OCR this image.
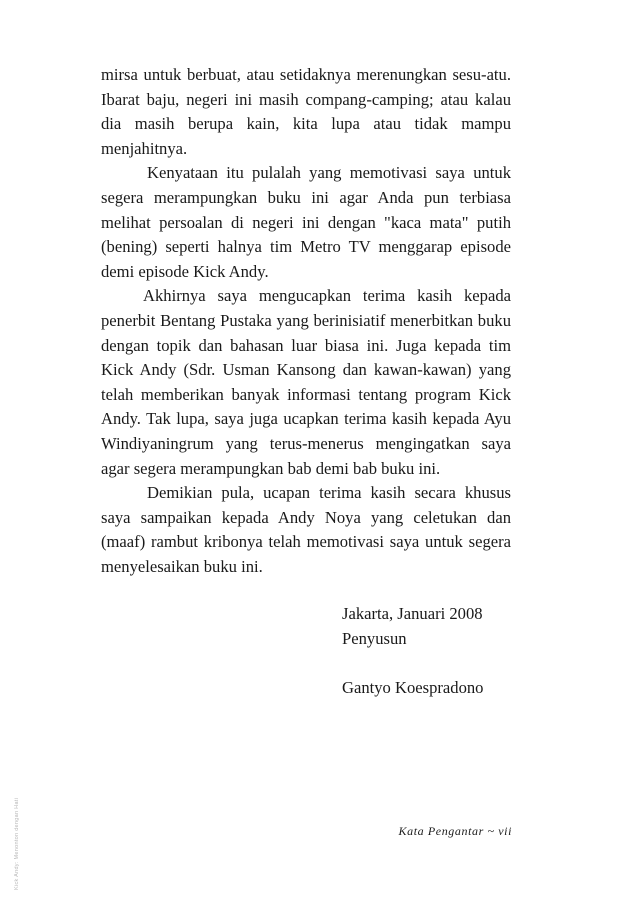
mirsa untuk berbuat, atau setidaknya merenungkan sesu-atu. Ibarat baju, negeri ini masih compang-camping; atau kalau dia masih berupa kain, kita lupa atau tidak mampu menjahitnya.

Kenyataan itu pulalah yang memotivasi saya untuk segera merampungkan buku ini agar Anda pun terbiasa melihat persoalan di negeri ini dengan "kaca mata" putih (bening) seperti halnya tim Metro TV menggarap episode demi episode Kick Andy.

Akhirnya saya mengucapkan terima kasih kepada penerbit Bentang Pustaka yang berinisiatif menerbitkan buku dengan topik dan bahasan luar biasa ini. Juga kepada tim Kick Andy (Sdr. Usman Kansong dan kawan-kawan) yang telah memberikan banyak informasi tentang program Kick Andy. Tak lupa, saya juga ucapkan terima kasih kepada Ayu Windiyaningrum yang terus-menerus mengingatkan saya agar segera merampungkan bab demi bab buku ini.

Demikian pula, ucapan terima kasih secara khusus saya sampaikan kepada Andy Noya yang celetukan dan (maaf) rambut kribonya telah memotivasi saya untuk segera menyelesaikan buku ini.

Jakarta, Januari 2008
Penyusun
Gantyo Koespradono
Kata Pengantar ~ vii
Kick Andy: Menonton dengan Hati
